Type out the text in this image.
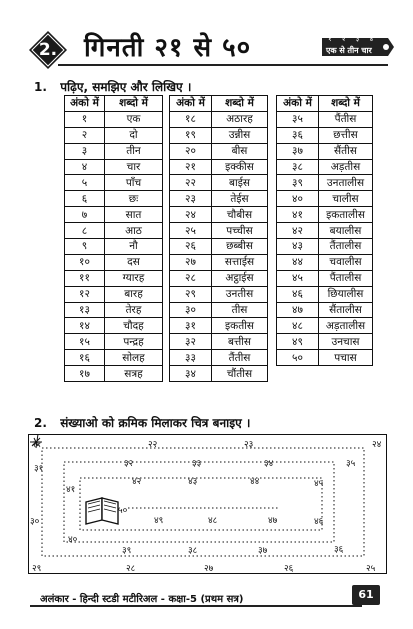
2.	गिनती २१ से ५०	१ २ ३ ४
एक से तीन चार
1. पढ़िए, समझिए और लिखिए ।
अंको में	शब्दो में
१	एक
२	दो
३	तीन
४	चार
५	पाँच
६	छः
७	सात
८	आठ
९	नौ
१०	दस
११	ग्यारह
१२	बारह
१३	तेरह
१४	चौदह
१५	पन्द्रह
१६	सोलह
१७	सत्रह
अंको में	शब्दो में
१८	अठारह
१९	उन्नीस
२०	बीस
२१	इक्कीस
२२	बाईस
२३	तेईस
२४	चौबीस
२५	पच्चीस
२६	छब्बीस
२७	सत्ताईस
२८	अट्ठाईस
२९	उनतीस
३०	तीस
३१	इकतीस
३२	बत्तीस
३३	तैंतीस
३४	चौंतीस
अंको में	शब्दो में
३५	पैंतीस
३६	छत्तीस
३७	सैंतीस
३८	अड़तीस
३९	उनतालीस
४०	चालीस
४१	इकतालीस
४२	बयालीस
४३	तैंतालीस
४४	चवालीस
४५	पैंतालीस
४६	छियालीस
४७	सैंतालीस
४८	अड़तालीस
४९	उनचास
५०	पचास
2. संख्याओ को क्रमिक मिलाकर चित्र बनाइए ।
२१	२२	२३	२४
३१	३२	३३	३४	३५
४१
४२	४३	४४	४५
३०
५०
४९	४८	४७	४६
४०
३९	३८	३७	३६
२९	२८	२७	२६	२५
अलंकार - हिन्दी स्टडी मटीरिअल - कक्षा-5 (प्रथम सत्र)	61
